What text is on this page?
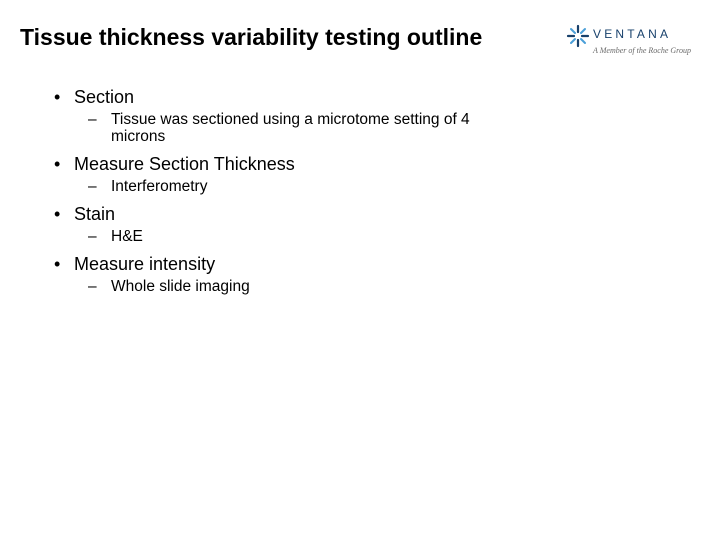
Tissue thickness variability testing outline	VENTANA
A Member of the Roche Group
• Section
– Tissue was sectioned using a microtome setting of 4 microns
• Measure Section Thickness
– Interferometry
• Stain
– H&E
• Measure intensity
– Whole slide imaging
